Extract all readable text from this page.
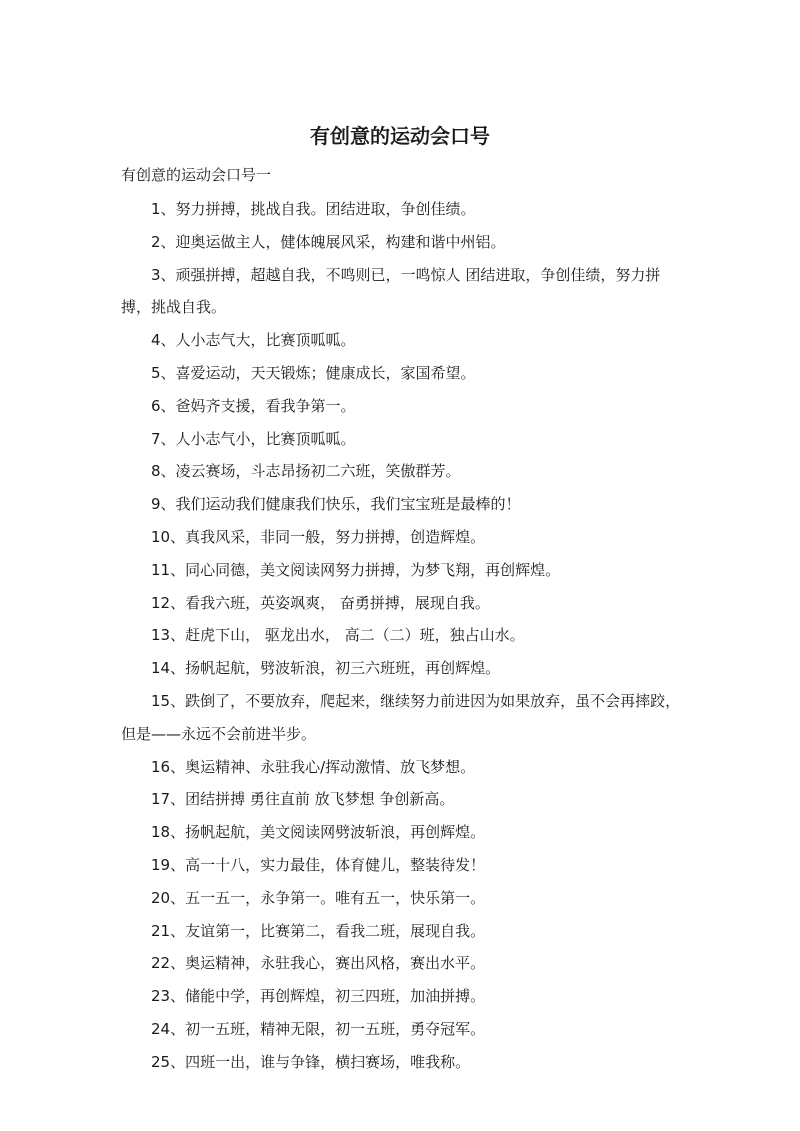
有创意的运动会口号

有创意的运动会口号一

1、努力拼搏，挑战自我。团结进取，争创佳绩。
2、迎奥运做主人，健体魄展风采，构建和谐中州铝。
3、顽强拼搏，超越自我，不鸣则已，一鸣惊人 团结进取，争创佳绩，努力拼搏，挑战自我。
4、人小志气大，比赛顶呱呱。
5、喜爱运动，天天锻炼；健康成长，家国希望。
6、爸妈齐支援，看我争第一。
7、人小志气小，比赛顶呱呱。
8、凌云赛场，斗志昂扬初二六班，笑傲群芳。
9、我们运动我们健康我们快乐，我们宝宝班是最棒的！
10、真我风采，非同一般，努力拼搏，创造辉煌。
11、同心同德，美文阅读网努力拼搏，为梦飞翔，再创辉煌。
12、看我六班，英姿飒爽， 奋勇拼搏，展现自我。
13、赶虎下山， 驱龙出水， 高二（二）班，独占山水。
14、扬帆起航，劈波斩浪，初三六班班，再创辉煌。
15、跌倒了，不要放弃，爬起来，继续努力前进因为如果放弃，虽不会再摔跤，但是——永远不会前进半步。
16、奥运精神、永驻我心/挥动激情、放飞梦想。
17、团结拼搏 勇往直前 放飞梦想 争创新高。
18、扬帆起航，美文阅读网劈波斩浪，再创辉煌。
19、高一十八，实力最佳，体育健儿，整装待发！
20、五一五一，永争第一。唯有五一，快乐第一。
21、友谊第一，比赛第二，看我二班，展现自我。
22、奥运精神，永驻我心，赛出风格，赛出水平。
23、储能中学，再创辉煌，初三四班，加油拼搏。
24、初一五班，精神无限，初一五班，勇夺冠军。
25、四班一出，谁与争锋，横扫赛场，唯我称。
